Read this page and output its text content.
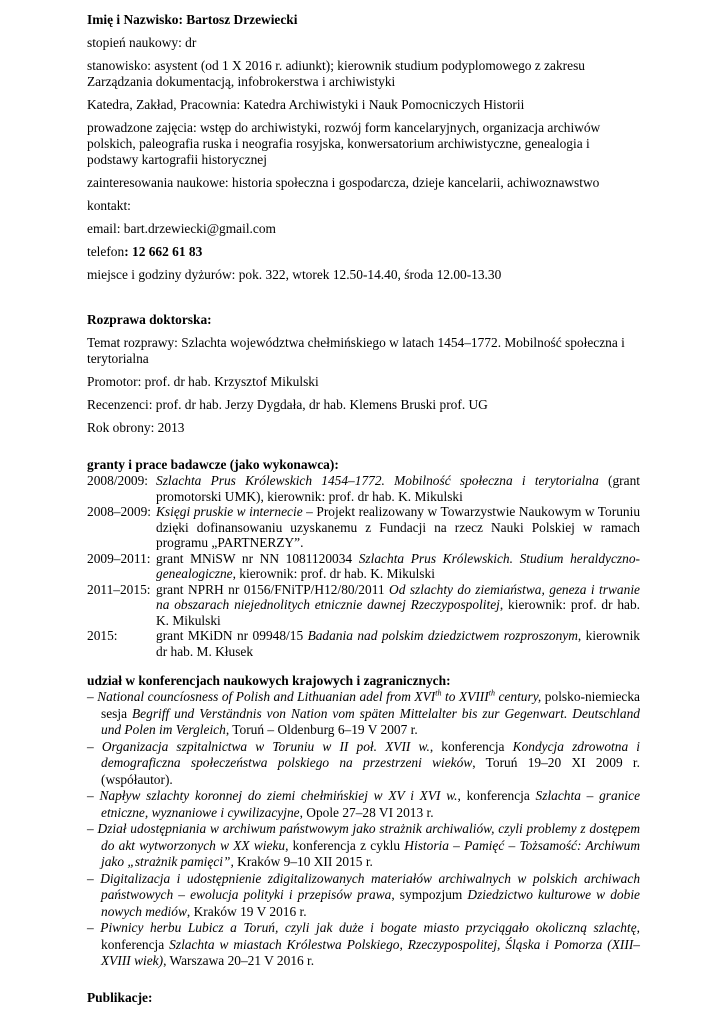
Imię i Nazwisko: Bartosz Drzewiecki

stopień naukowy: dr

stanowisko: asystent (od 1 X 2016 r. adiunkt); kierownik studium podyplomowego z zakresu Zarządzania dokumentacją, infobrokerstwa i archiwistyki

Katedra, Zakład, Pracownia: Katedra Archiwistyki i Nauk Pomocniczych Historii

prowadzone zajęcia: wstęp do archiwistyki, rozwój form kancelaryjnych, organizacja archiwów polskich, paleografia ruska i neografia rosyjska, konwersatorium archiwistyczne, genealogia i podstawy kartografii historycznej

zainteresowania naukowe: historia społeczna i gospodarcza, dzieje kancelarii, achiwoznawstwo

kontakt:

email: bart.drzewiecki@gmail.com

telefon: 12 662 61 83

miejsce i godziny dyżurów: pok. 322, wtorek 12.50-14.40, środa 12.00-13.30

Rozprawa doktorska:

Temat rozprawy: Szlachta województwa chełmińskiego w latach 1454–1772. Mobilność społeczna i terytorialna

Promotor: prof. dr hab. Krzysztof Mikulski

Recenzenci: prof. dr hab. Jerzy Dygdała, dr hab. Klemens Bruski prof. UG

Rok obrony: 2013

granty i prace badawcze (jako wykonawca):

2008/2009: Szlachta Prus Królewskich 1454–1772. Mobilność społeczna i terytorialna (grant promotorski UMK), kierownik: prof. dr hab. K. Mikulski
2008–2009: Księgi pruskie w internecie – Projekt realizowany w Towarzystwie Naukowym w Toruniu dzięki dofinansowaniu uzyskanemu z Fundacji na rzecz Nauki Polskiej w ramach programu „PARTNERZY”.
2009–2011: grant MNiSW nr NN 1081120034 Szlachta Prus Królewskich. Studium heraldyczno-genealogiczne, kierownik: prof. dr hab. K. Mikulski
2011–2015: grant NPRH nr 0156/FNiTP/H12/80/2011 Od szlachty do ziemiaństwa, geneza i trwanie na obszarach niejednolitych etnicznie dawnej Rzeczypospolitej, kierownik: prof. dr hab. K. Mikulski
2015:	grant MKiDN nr 09948/15 Badania nad polskim dziedzictwem rozproszonym, kierownik dr hab. M. Kłusek

udział w konferencjach naukowych krajowych i zagranicznych:

– National councíosness of Polish and Lithuanian adel from XVIth to XVIIIth century, polsko-niemiecka sesja Begriff und Verständnis von Nation vom späten Mittelalter bis zur Gegenwart. Deutschland und Polen im Vergleich, Toruń – Oldenburg 6–19 V 2007 r.

– Organizacja szpitalnictwa w Toruniu w II poł. XVII w., konferencja Kondycja zdrowotna i demograficzna społeczeństwa polskiego na przestrzeni wieków, Toruń 19–20 XI 2009 r. (współautor).

– Napływ szlachty koronnej do ziemi chełmińskiej w XV i XVI w., konferencja Szlachta – granice etniczne, wyznaniowe i cywilizacyjne, Opole 27–28 VI 2013 r.

– Dział udostępniania w archiwum państwowym jako strażnik archiwaliów, czyli problemy z dostępem do akt wytworzonych w XX wieku, konferencja z cyklu Historia – Pamięć – Tożsamość: Archiwum jako „strażnik pamięci”, Kraków 9–10 XII 2015 r.

– Digitalizacja i udostępnienie zdigitalizowanych materiałów archiwalnych w polskich archiwach państwowych – ewolucja polityki i przepisów prawa, sympozjum Dziedzictwo kulturowe w dobie nowych mediów, Kraków 19 V 2016 r.

– Piwnicy herbu Lubicz a Toruń, czyli jak duże i bogate miasto przyciągało okoliczną szlachtę, konferencja Szlachta w miastach Królestwa Polskiego, Rzeczypospolitej, Śląska i Pomorza (XIII–XVIII wiek), Warszawa 20–21 V 2016 r.

Publikacje:
